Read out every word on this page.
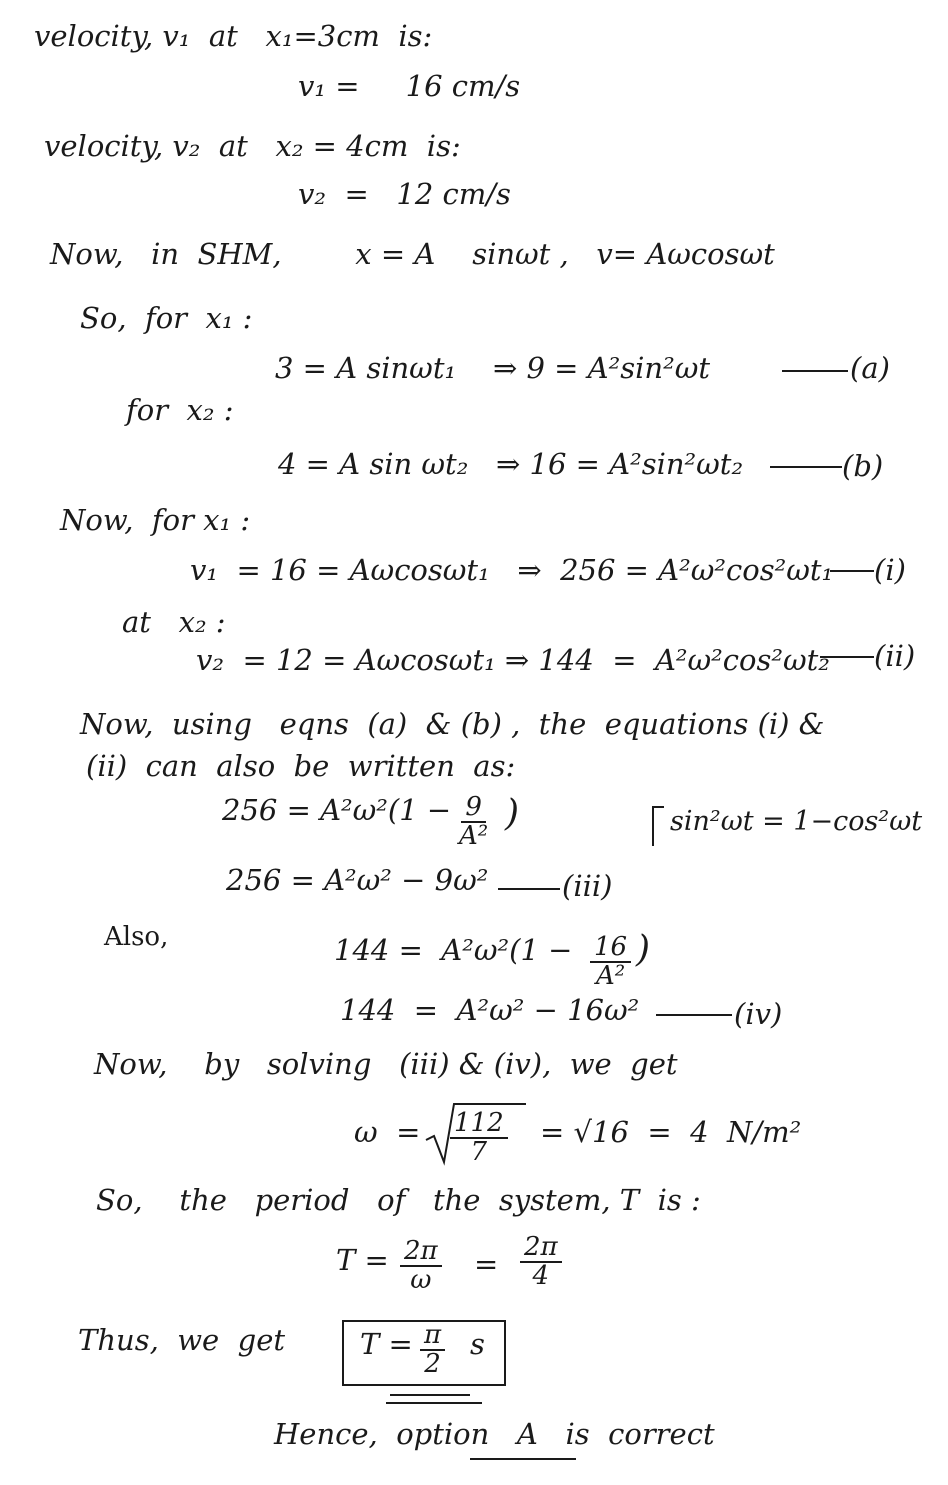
velocity, v₁  at   x₁=3cm  is:
v₁ =     16 cm/s
velocity, v₂  at   x₂ = 4cm  is:
v₂  =   12 cm/s
Now,   in  SHM,        x = A    sinωt ,   v= Aωcosωt
So,  for  x₁ :
3 = A sinωt₁    ⇒ 9 = A²sin²ωt	(a)
for  x₂ :
4 = A sin ωt₂   ⇒ 16 = A²sin²ωt₂	(b)
Now,  for x₁ :
v₁  = 16 = Aωcosωt₁   ⇒  256 = A²ω²cos²ωt₁ (i)
at   x₂ :
v₂  = 12 = Aωcosωt₁ ⇒ 144  =  A²ω²cos²ωt₂ (ii)
Now,  using   eqns  (a)  & (b) ,  the  equations (i) &
(ii)  can  also  be  written  as:
$256 = A^2\omega^2(1 - \frac{9}{\text{A²}}$ )	sin²ωt = 1−cos²ωt
256 = A²ω² − 9ω²	(iii)
Also,	$144 = A^2\omega^2(1 - \frac{16}{\text{A²}}$ )
144  =  A²ω² − 16ω²	(iv)
Now,    by   solving   (iii) & (iv),  we  get
$\omega = \frac{112}{7} = √16 = 4$  N/m²
So,    the   period   of   the  system, T  is :
$T = \frac{2\pi}{\omega} = \frac{2\pi}{4}$
Thus,  we  get	$T = \frac{\pi}{2}$ s
Hence,  option   A   is  correct
